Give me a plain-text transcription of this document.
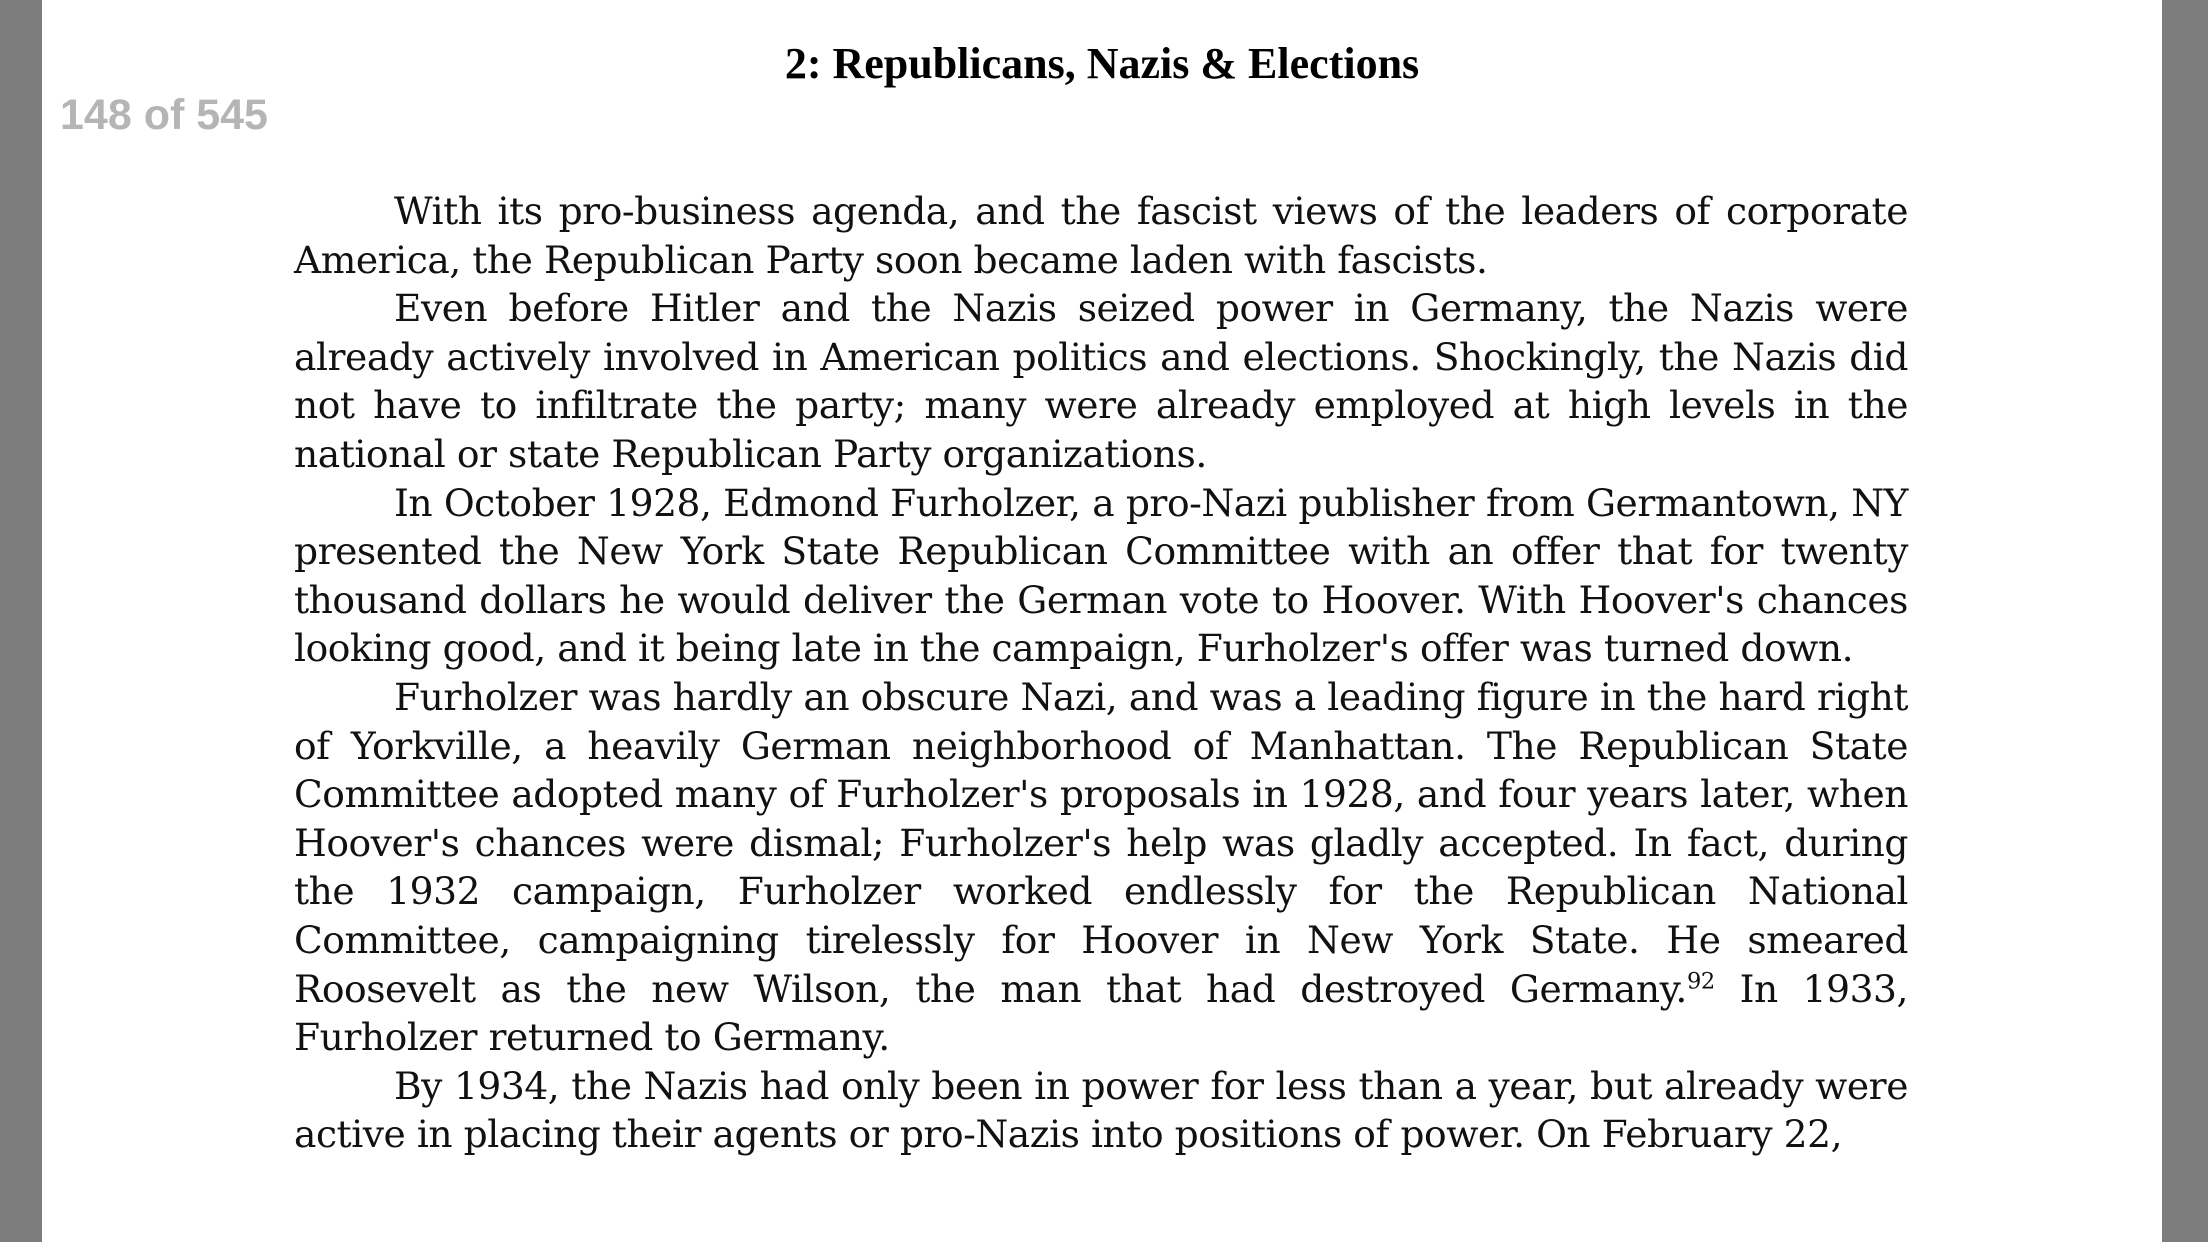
148 of 545
2: Republicans, Nazis & Elections

With its pro-business agenda, and the fascist views of the leaders of corporate America, the Republican Party soon became laden with fascists.

Even before Hitler and the Nazis seized power in Germany, the Nazis were already actively involved in American politics and elections. Shockingly, the Nazis did not have to infiltrate the party; many were already employed at high levels in the national or state Republican Party organizations.

In October 1928, Edmond Furholzer, a pro-Nazi publisher from Germantown, NY presented the New York State Republican Committee with an offer that for twenty thousand dollars he would deliver the German vote to Hoover. With Hoover's chances looking good, and it being late in the campaign, Furholzer's offer was turned down.

Furholzer was hardly an obscure Nazi, and was a leading figure in the hard right of Yorkville, a heavily German neighborhood of Manhattan. The Republican State Committee adopted many of Furholzer's proposals in 1928, and four years later, when Hoover's chances were dismal; Furholzer's help was gladly accepted. In fact, during the 1932 campaign, Furholzer worked endlessly for the Republican National Committee, campaigning tirelessly for Hoover in New York State. He smeared Roosevelt as the new Wilson, the man that had destroyed Germany.$^{92}$ In 1933, Furholzer returned to Germany.

By 1934, the Nazis had only been in power for less than a year, but already were active in placing their agents or pro-Nazis into positions of power. On February 22,
